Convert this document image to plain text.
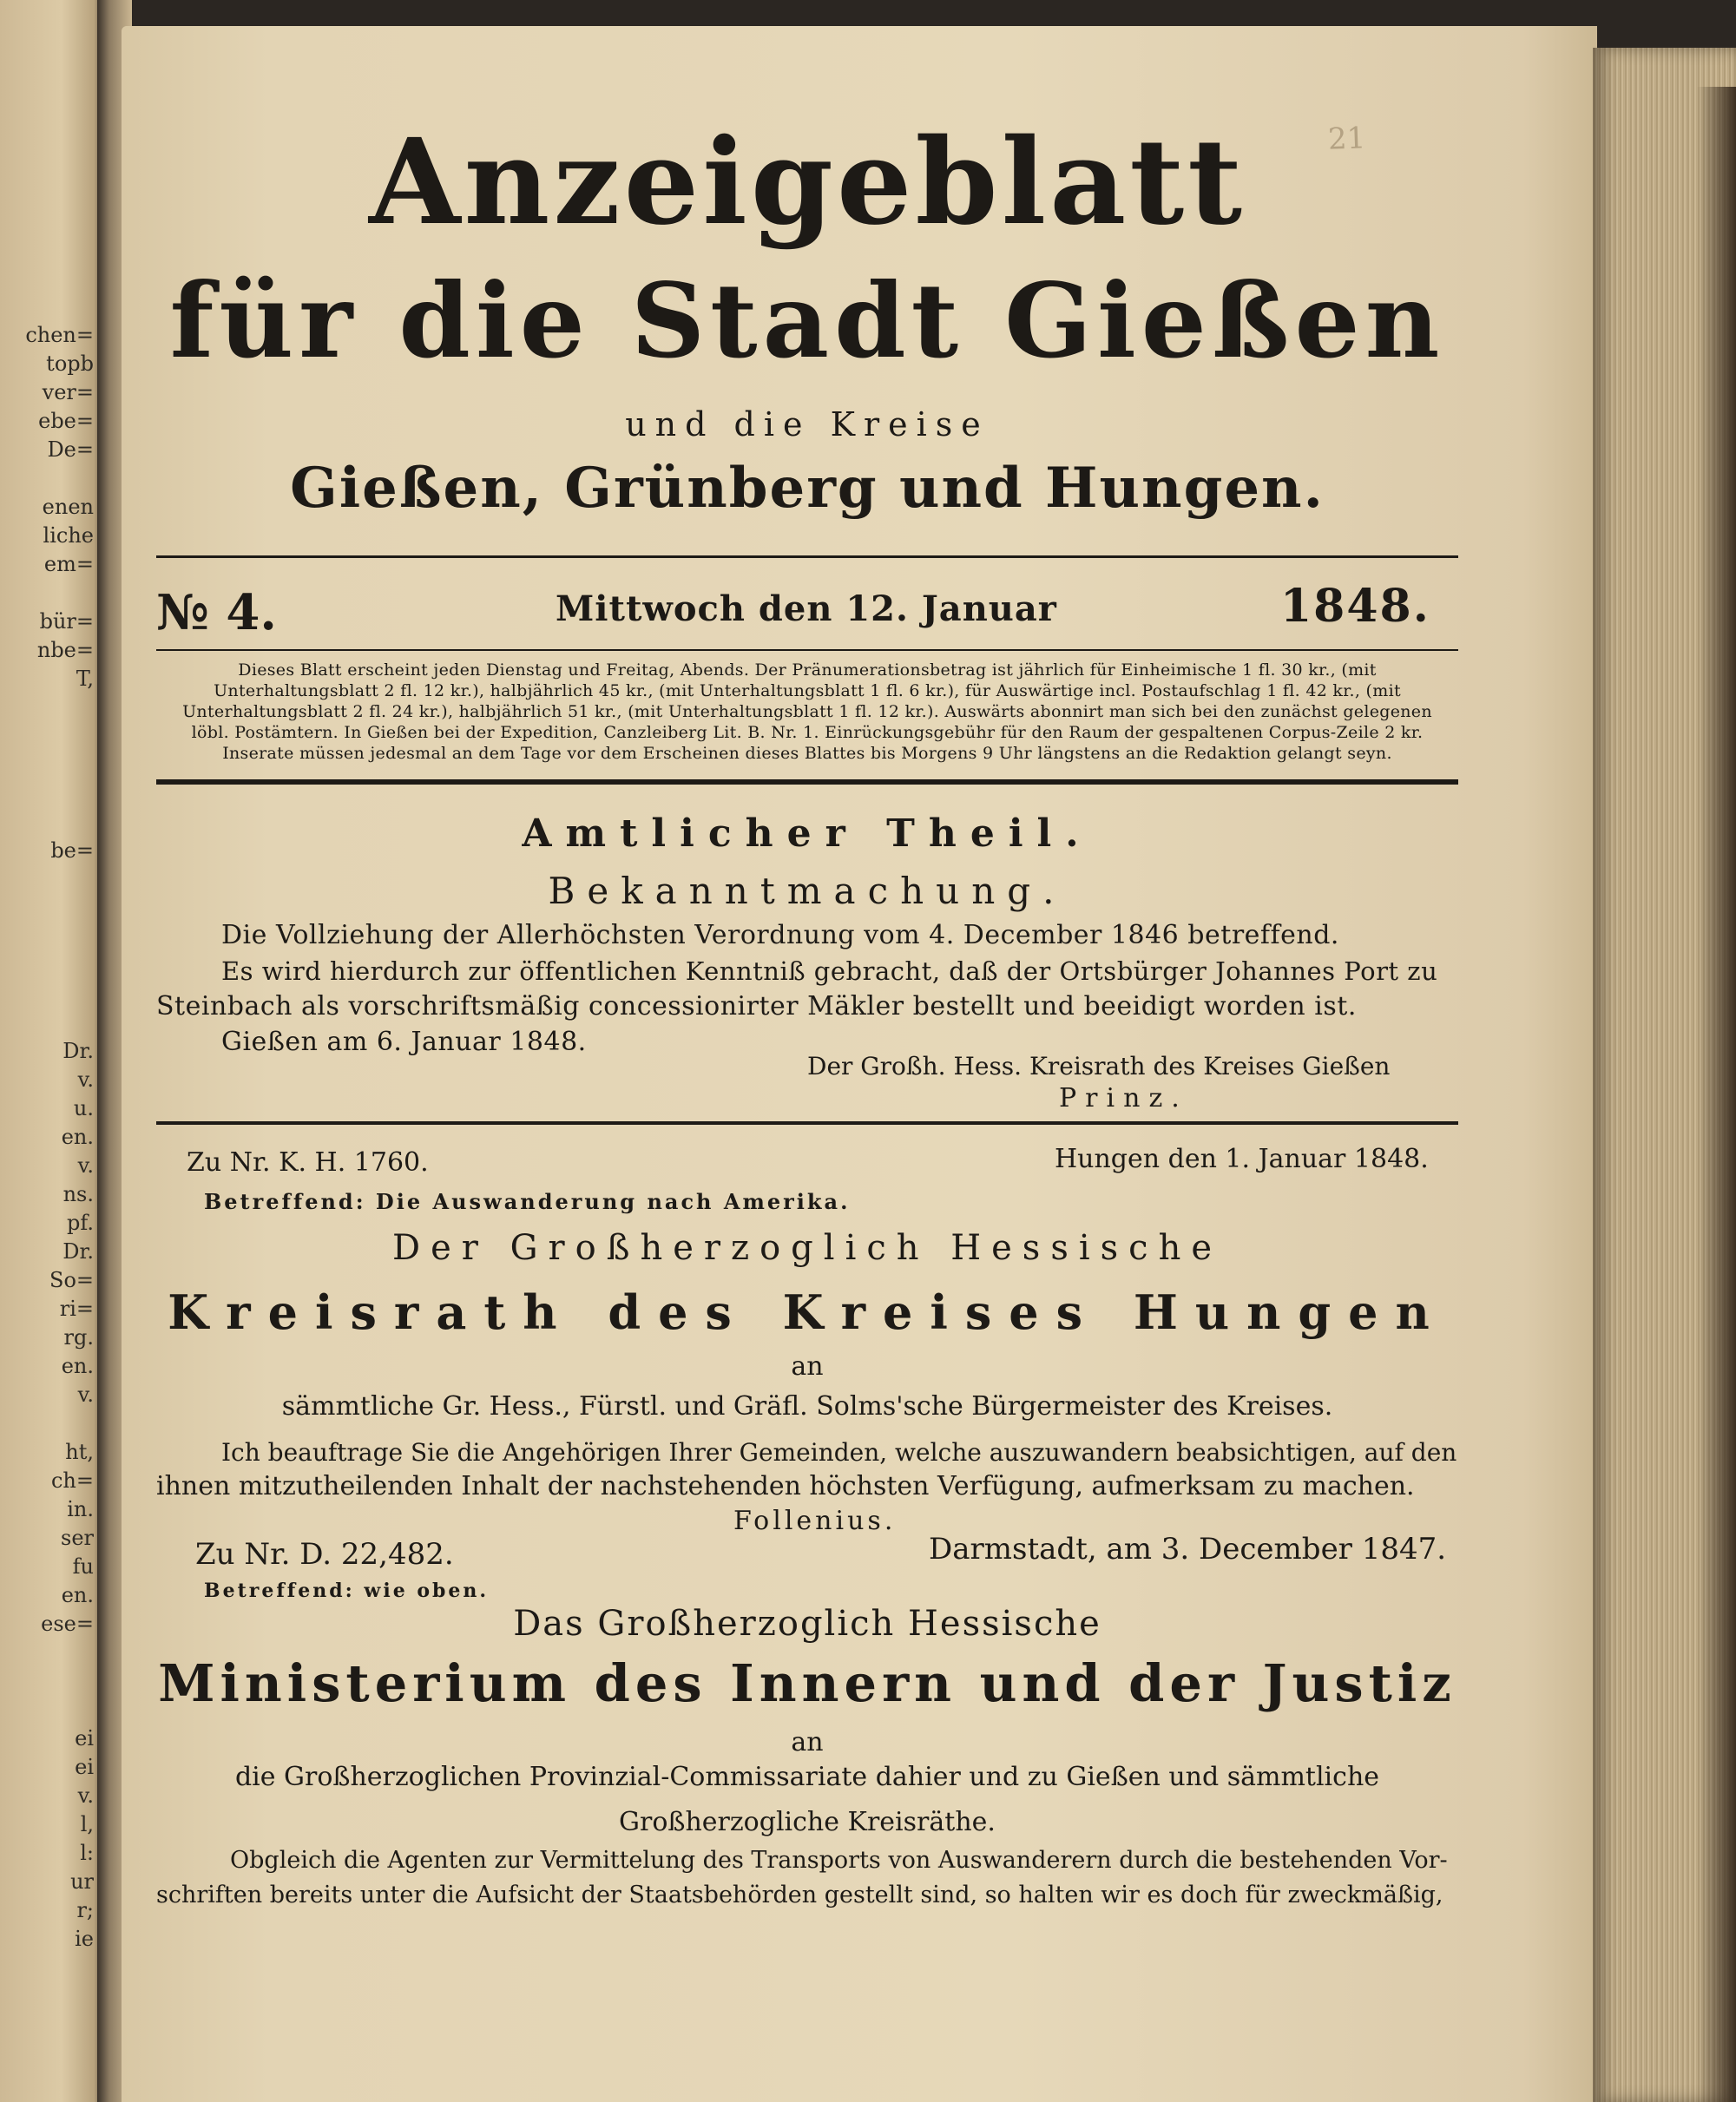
chen=
topb
ver=
ebe=
De=
enen
liche
em=
bür=
nbe=
T,
be=
Dr.
v.
u.
en.
v.
ns.
pf.
Dr.
So=
ri=
rg.
en.
v.
ht,
ch=
in.
ser
fu
en.
ese=
ei
ei
v.
l,
l:
ur
r;
ie
21
Anzeigeblatt
für die Stadt Gießen
und die Kreise
Gießen, Grünberg und Hungen.
№ 4.	Mittwoch den 12. Januar	1848.
Dieses Blatt erscheint jeden Dienstag und Freitag, Abends. Der Pränumerationsbetrag ist jährlich für Einheimische 1 fl. 30 kr., (mit
Unterhaltungsblatt 2 fl. 12 kr.), halbjährlich 45 kr., (mit Unterhaltungsblatt 1 fl. 6 kr.), für Auswärtige incl. Postaufschlag 1 fl. 42 kr., (mit
Unterhaltungsblatt 2 fl. 24 kr.), halbjährlich 51 kr., (mit Unterhaltungsblatt 1 fl. 12 kr.). Auswärts abonnirt man sich bei den zunächst gelegenen
löbl. Postämtern. In Gießen bei der Expedition, Canzleiberg Lit. B. Nr. 1. Einrückungsgebühr für den Raum der gespaltenen Corpus-Zeile 2 kr.
Inserate müssen jedesmal an dem Tage vor dem Erscheinen dieses Blattes bis Morgens 9 Uhr längstens an die Redaktion gelangt seyn.
Amtlicher Theil.
Bekanntmachung.
Die Vollziehung der Allerhöchsten Verordnung vom 4. December 1846 betreffend.
Es wird hierdurch zur öffentlichen Kenntniß gebracht, daß der Ortsbürger Johannes Port zu
Steinbach als vorschriftsmäßig concessionirter Mäkler bestellt und beeidigt worden ist.
Gießen am 6. Januar 1848.
Der Großh. Hess. Kreisrath des Kreises Gießen
Prinz.
Zu Nr. K. H. 1760.	Hungen den 1. Januar 1848.
Betreffend: Die Auswanderung nach Amerika.
Der Großherzoglich Hessische
Kreisrath des Kreises Hungen
an
sämmtliche Gr. Hess., Fürstl. und Gräfl. Solms'sche Bürgermeister des Kreises.
Ich beauftrage Sie die Angehörigen Ihrer Gemeinden, welche auszuwandern beabsichtigen, auf den
ihnen mitzutheilenden Inhalt der nachstehenden höchsten Verfügung, aufmerksam zu machen.
Follenius.
Zu Nr. D. 22,482.	Darmstadt, am 3. December 1847.
Betreffend: wie oben.
Das Großherzoglich Hessische
Ministerium des Innern und der Justiz
an
die Großherzoglichen Provinzial-Commissariate dahier und zu Gießen und sämmtliche
Großherzogliche Kreisräthe.
Obgleich die Agenten zur Vermittelung des Transports von Auswanderern durch die bestehenden Vor-
schriften bereits unter die Aufsicht der Staatsbehörden gestellt sind, so halten wir es doch für zweckmäßig,
